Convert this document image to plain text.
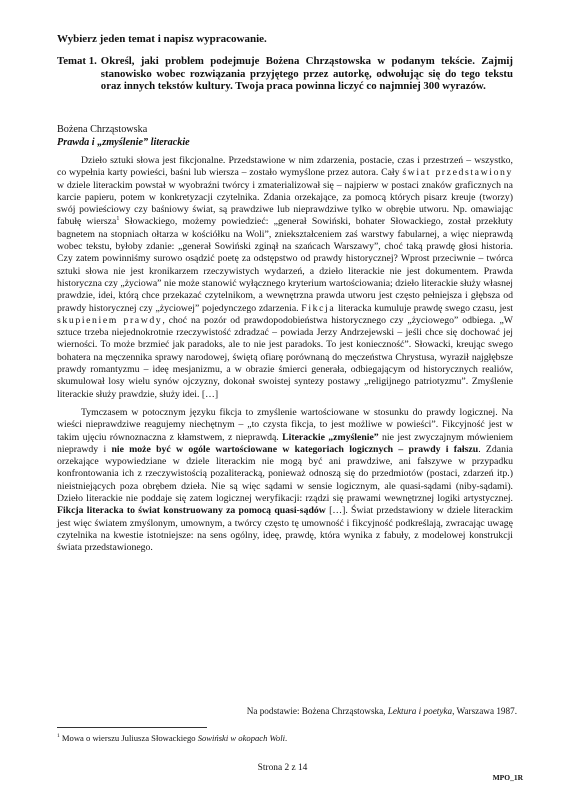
Wybierz jeden temat i napisz wypracowanie.
Temat 1. Określ, jaki problem podejmuje Bożena Chrząstowska w podanym tekście. Zajmij stanowisko wobec rozwiązania przyjętego przez autorkę, odwołując się do tego tekstu oraz innych tekstów kultury. Twoja praca powinna liczyć co najmniej 300 wyrazów.
Bożena Chrząstowska
Prawda i „zmyślenie” literackie

Dzieło sztuki słowa jest fikcjonalne. Przedstawione w nim zdarzenia, postacie, czas i przestrzeń – wszystko, co wypełnia karty powieści, baśni lub wiersza – zostało wymyślone przez autora. Cały świat przedstawiony w dziele literackim powstał w wyobraźni twórcy i zmaterializował się – najpierw w postaci znaków graficznych na karcie papieru, potem w konkretyzacji czytelnika. Zdania orzekające, za pomocą których pisarz kreuje (tworzy) swój powieściowy czy baśniowy świat, są prawdziwe lub nieprawdziwe tylko w obrębie utworu. Np. omawiając fabułę wiersza$^1$ Słowackiego, możemy powiedzieć: „generał Sowiński, bohater Słowackiego, został przekłuty bagnetem na stopniach ołtarza w kościółku na Woli”, zniekształceniem zaś warstwy fabularnej, a więc nieprawdą wobec tekstu, byłoby zdanie: „generał Sowiński zginął na szańcach Warszawy”, choć taką prawdę głosi historia. Czy zatem powinniśmy surowo osądzić poetę za odstępstwo od prawdy historycznej? Wprost przeciwnie – twórca sztuki słowa nie jest kronikarzem rzeczywistych wydarzeń, a dzieło literackie nie jest dokumentem. Prawda historyczna czy „życiowa” nie może stanowić wyłącznego kryterium wartościowania; dzieło literackie służy własnej prawdzie, idei, którą chce przekazać czytelnikom, a wewnętrzna prawda utworu jest często pełniejsza i głębsza od prawdy historycznej czy „życiowej” pojedynczego zdarzenia. Fikcja literacka kumuluje prawdę swego czasu, jest skupieniem prawdy, choć na pozór od prawdopodobieństwa historycznego czy „życiowego” odbiega. „W sztuce trzeba niejednokrotnie rzeczywistość zdradzać – powiada Jerzy Andrzejewski – jeśli chce się dochować jej wierności. To może brzmieć jak paradoks, ale to nie jest paradoks. To jest konieczność”. Słowacki, kreując swego bohatera na męczennika sprawy narodowej, świętą ofiarę porównaną do męczeństwa Chrystusa, wyraził najgłębsze prawdy romantyzmu – ideę mesjanizmu, a w obrazie śmierci generała, odbiegającym od historycznych realiów, skumulował losy wielu synów ojczyzny, dokonał swoistej syntezy postawy „religijnego patriotyzmu”. Zmyślenie literackie służy prawdzie, służy idei. […]

Tymczasem w potocznym języku fikcja to zmyślenie wartościowane w stosunku do prawdy logicznej. Na wieści nieprawdziwe reagujemy niechętnym – „to czysta fikcja, to jest możliwe w powieści”. Fikcyjność jest w takim ujęciu równoznaczna z kłamstwem, z nieprawdą. Literackie „zmyślenie” nie jest zwyczajnym mówieniem nieprawdy i nie może być w ogóle wartościowane w kategoriach logicznych – prawdy i fałszu. Zdania orzekające wypowiedziane w dziele literackim nie mogą być ani prawdziwe, ani fałszywe w przypadku konfrontowania ich z rzeczywistością pozaliteracką, ponieważ odnoszą się do przedmiotów (postaci, zdarzeń itp.) nieistniejących poza obrębem dzieła. Nie są więc sądami w sensie logicznym, ale quasi-sądami (niby-sądami). Dzieło literackie nie poddaje się zatem logicznej weryfikacji: rządzi się prawami wewnętrznej logiki artystycznej. Fikcja literacka to świat konstruowany za pomocą quasi-sądów […]. Świat przedstawiony w dziele literackim jest więc światem zmyślonym, umownym, a twórcy często tę umowność i fikcyjność podkreślają, zwracając uwagę czytelnika na kwestie istotniejsze: na sens ogólny, ideę, prawdę, która wynika z fabuły, z modelowej konstrukcji świata przedstawionego.

Na podstawie: Bożena Chrząstowska, Lektura i poetyka, Warszawa 1987.
$^1$ Mowa o wierszu Juliusza Słowackiego Sowiński w okopach Woli.
Strona 2 z 14
MPO_1R
